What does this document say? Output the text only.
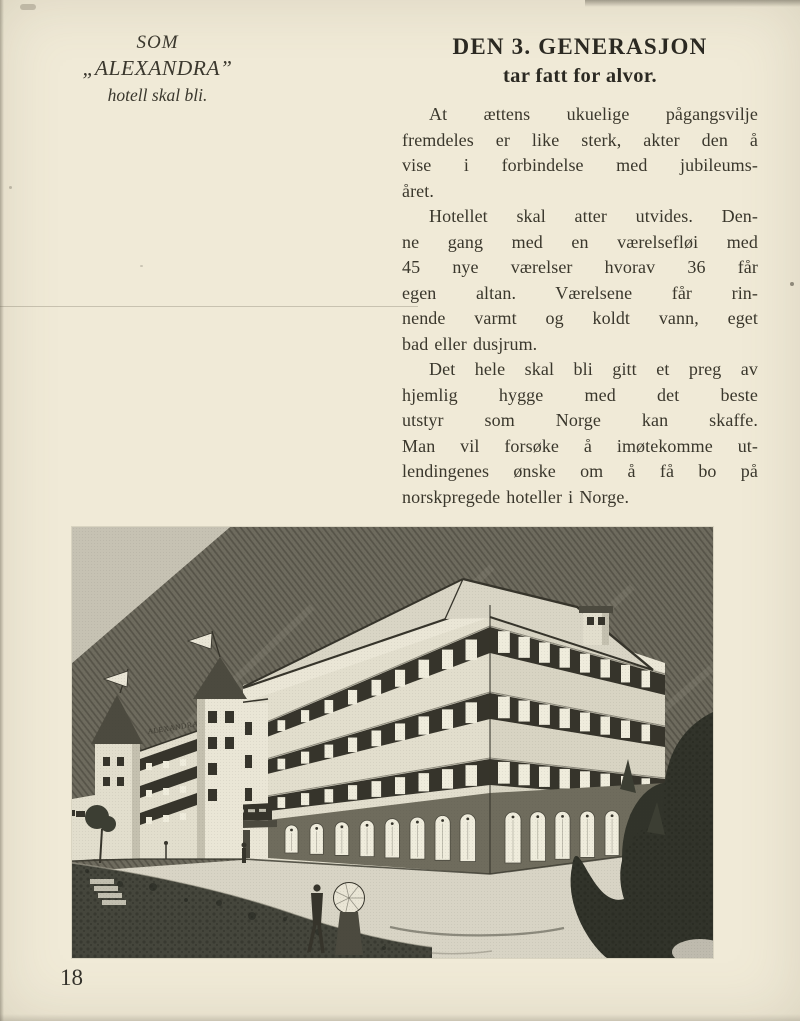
SOM
„ALEXANDRA”
hotell skal bli.
DEN 3. GENERASJON
tar fatt for alvor.
At ættens ukuelige pågangsvilje
fremdeles er like sterk, akter den å
vise i forbindelse med jubileums-
året.
Hotellet skal atter utvides. Den-
ne gang med en værelsefløi med
45 nye værelser hvorav 36 får
egen altan. Værelsene får rin-
nende varmt og koldt vann, eget
bad eller dusjrum.
Det hele skal bli gitt et preg av
hjemlig hygge med det beste
utstyr som Norge kan skaffe.
Man vil forsøke å imøtekomme ut-
lendingenes ønske om å få bo på
norskpregede hoteller i Norge.
18
